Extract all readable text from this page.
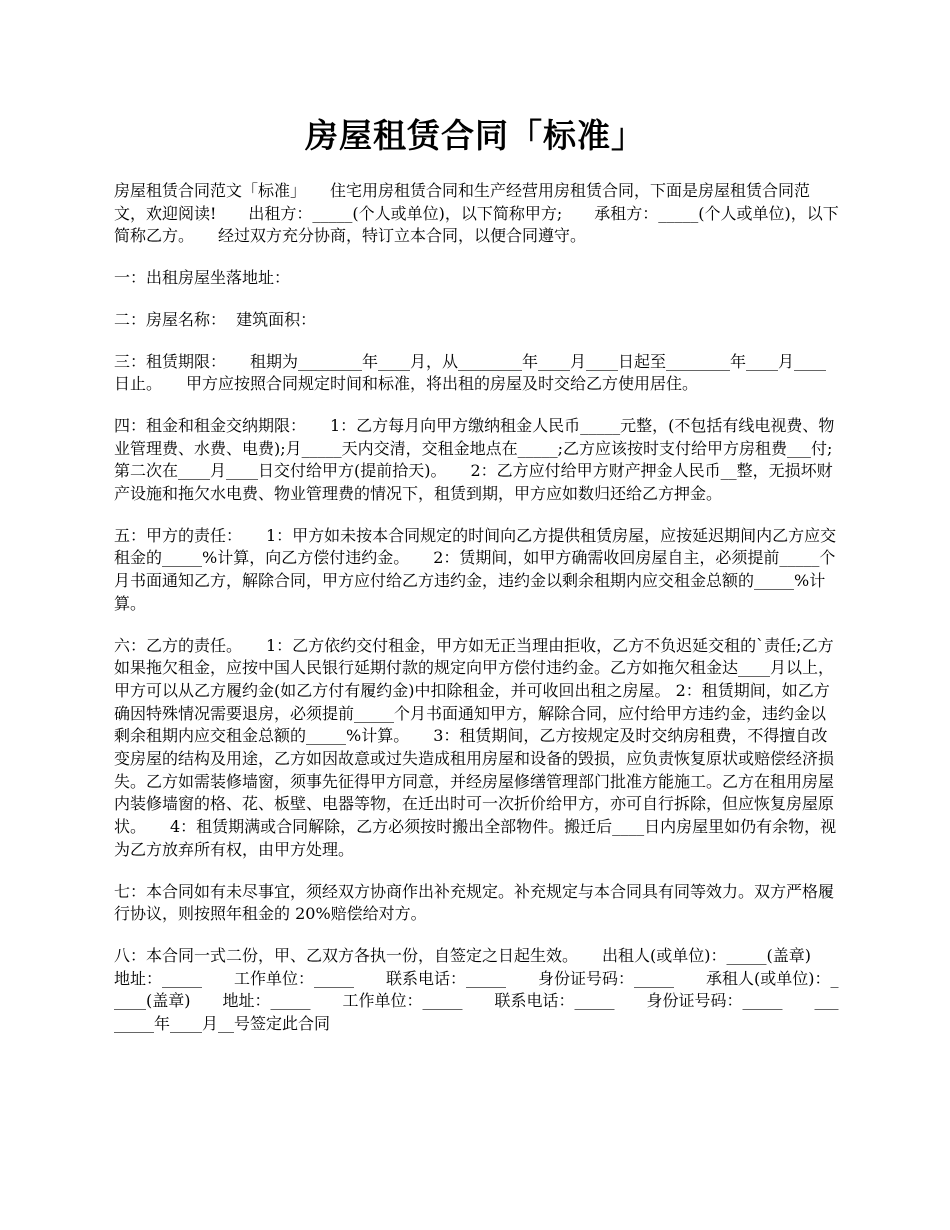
房屋租赁合同「标准」

房屋租赁合同范文「标准」　　住宅用房租赁合同和生产经营用房租赁合同，下面是房屋租赁合同范文，欢迎阅读!　　出租方：_____(个人或单位)，以下简称甲方;　　承租方：_____(个人或单位)，以下简称乙方。　　经过双方充分协商，特订立本合同，以便合同遵守。

一：出租房屋坐落地址：

二：房屋名称：  建筑面积：

三：租赁期限：　　租期为________年____月，从________年____月____日起至________年____月____日止。　　甲方应按照合同规定时间和标准，将出租的房屋及时交给乙方使用居住。

四：租金和租金交纳期限：　　1：乙方每月向甲方缴纳租金人民币_____元整，(不包括有线电视费、物业管理费、水费、电费);月_____天内交清，交租金地点在_____;乙方应该按时支付给甲方房租费___付;第二次在____月____日交付给甲方(提前拾天)。　　2：乙方应付给甲方财产押金人民币__整，无损坏财产设施和拖欠水电费、物业管理费的情况下，租赁到期，甲方应如数归还给乙方押金。

五：甲方的责任：　　1：甲方如未按本合同规定的时间向乙方提供租赁房屋，应按延迟期间内乙方应交租金的_____%计算，向乙方偿付违约金。　　2：赁期间，如甲方确需收回房屋自主，必须提前_____个月书面通知乙方，解除合同，甲方应付给乙方违约金，违约金以剩余租期内应交租金总额的_____%计算。

六：乙方的责任。　　1：乙方依约交付租金，甲方如无正当理由拒收，乙方不负迟延交租的`责任;乙方如果拖欠租金，应按中国人民银行延期付款的规定向甲方偿付违约金。乙方如拖欠租金达____月以上，甲方可以从乙方履约金(如乙方付有履约金)中扣除租金，并可收回出租之房屋。 2：租赁期间，如乙方确因特殊情况需要退房，必须提前_____个月书面通知甲方，解除合同，应付给甲方违约金，违约金以剩余租期内应交租金总额的_____%计算。　　3：租赁期间，乙方按规定及时交纳房租费，不得擅自改变房屋的结构及用途，乙方如因故意或过失造成租用房屋和设备的毁损，应负责恢复原状或赔偿经济损失。乙方如需装修墙窗，须事先征得甲方同意，并经房屋修缮管理部门批准方能施工。乙方在租用房屋内装修墙窗的格、花、板壁、电器等物，在迁出时可一次折价给甲方，亦可自行拆除，但应恢复房屋原状。　　4：租赁期满或合同解除，乙方必须按时搬出全部物件。搬迁后____日内房屋里如仍有余物，视为乙方放弃所有权，由甲方处理。

七：本合同如有未尽事宜，须经双方协商作出补充规定。补充规定与本合同具有同等效力。双方严格履行协议，则按照年租金的 20%赔偿给对方。

八：本合同一式二份，甲、乙双方各执一份，自签定之日起生效。　　出租人(或单位)：_____(盖章)　　地址：_____　　工作单位：_____　　联系电话：_____　　身份证号码：_____　　承租人(或单位)：_____(盖章)　　地址：_____　　工作单位：_____　　联系电话：_____　　身份证号码：_____　　________年____月__号签定此合同
